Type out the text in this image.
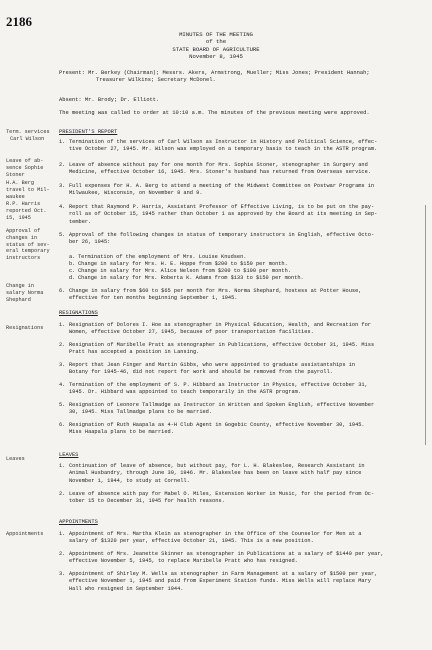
2186
MINUTES OF THE MEETING
of the
STATE BOARD OF AGRICULTURE
November 8, 1945
Present: Mr. Berkey (Chairman); Messrs. Akers, Armstrong, Mueller; Miss Jones; President Hannah;
Treasurer Wilkins; Secretary McDonel.
Absent: Mr. Brody; Dr. Elliott.
The meeting was called to order at 10:10 a.m. The minutes of the previous meeting were approved.
Term. services
Carl Wilson
PRESIDENT'S REPORT
1. Termination of the services of Carl Wilson as Instructor in History and Political Science, effec-
tive October 27, 1945. Mr. Wilson was employed on a temporary basis to teach in the ASTR program.
Leave of ab-
sence Sophie
Stoner
2. Leave of absence without pay for one month for Mrs. Sophie Stoner, stenographer in Surgery and
Medicine, effective October 16, 1945. Mrs. Stoner's husband has returned from Overseas service.
H.A. Berg
travel to Mil-
waukee
3. Full expenses for H. A. Berg to attend a meeting of the Midwest Committee on Postwar Programs in
Milwaukee, Wisconsin, on November 8 and 9.
R.P. Harris
reported Oct.
15, 1945
4. Report that Raymond P. Harris, Assistant Professor of Effective Living, is to be put on the pay-
roll as of October 15, 1945 rather than October 1 as approved by the Board at its meeting in Sep-
tember.
Approval of
changes in
status of sev-
eral temporary
instructors
5. Approval of the following changes in status of temporary instructors in English, effective Octo-
ber 26, 1945:
a. Termination of the employment of Mrs. Louise Knudsen.
b. Change in salary for Mrs. H. E. Hoppe from $200 to $150 per month.
c. Change in salary for Mrs. Alice Nelson from $200 to $100 per month.
d. Change in salary for Mrs. Roberta K. Adams from $133 to $150 per month.
Change in
salary Norma
Shephard
6. Change in salary from $60 to $65 per month for Mrs. Norma Shephard, hostess at Potter House,
effective for ten months beginning September 1, 1945.
RESIGNATIONS
Resignations	1. Resignation of Dolores I. Hoe as stenographer in Physical Education, Health, and Recreation for
Women, effective October 27, 1945, because of poor transportation facilities.
2. Resignation of Maribelle Pratt as stenographer in Publications, effective October 31, 1945. Miss
Pratt has accepted a position in Lansing.
3. Report that Jean Finger and Martin Gibbs, who were appointed to graduate assistantships in
Botany for 1945-46, did not report for work and should be removed from the payroll.
4. Termination of the employment of S. P. Hibbard as Instructor in Physics, effective October 31,
1945. Dr. Hibbard was appointed to teach temporarily in the ASTR program.
5. Resignation of Leonore Tallmadge as Instructor in Written and Spoken English, effective November
30, 1945. Miss Tallmadge plans to be married.
6. Resignation of Ruth Haapala as 4-H Club Agent in Gogebic County, effective November 30, 1945.
Miss Haapala plans to be married.
LEAVES
Leaves
1. Continuation of leave of absence, but without pay, for L. H. Blakeslee, Research Assistant in
Animal Husbandry, through June 30, 1946. Mr. Blakeslee has been on leave with half pay since
November 1, 1944, to study at Cornell.
2. Leave of absence with pay for Mabel O. Miles, Extension Worker in Music, for the period from Oc-
tober 15 to December 31, 1945 for health reasons.
APPOINTMENTS
Appointments	1. Appointment of Mrs. Martha Klein as stenographer in the Office of the Counselor for Men at a
salary of $1320 per year, effective October 21, 1945. This is a new position.
2. Appointment of Mrs. Jeanette Skinner as stenographer in Publications at a salary of $1440 per year,
effective November 5, 1945, to replace Maribelle Pratt who has resigned.
3. Appointment of Shirley M. Wells as stenographer in Farm Management at a salary of $1500 per year,
effective November 1, 1945 and paid from Experiment Station funds. Miss Wells will replace Mary
Hall who resigned in September 1944.
